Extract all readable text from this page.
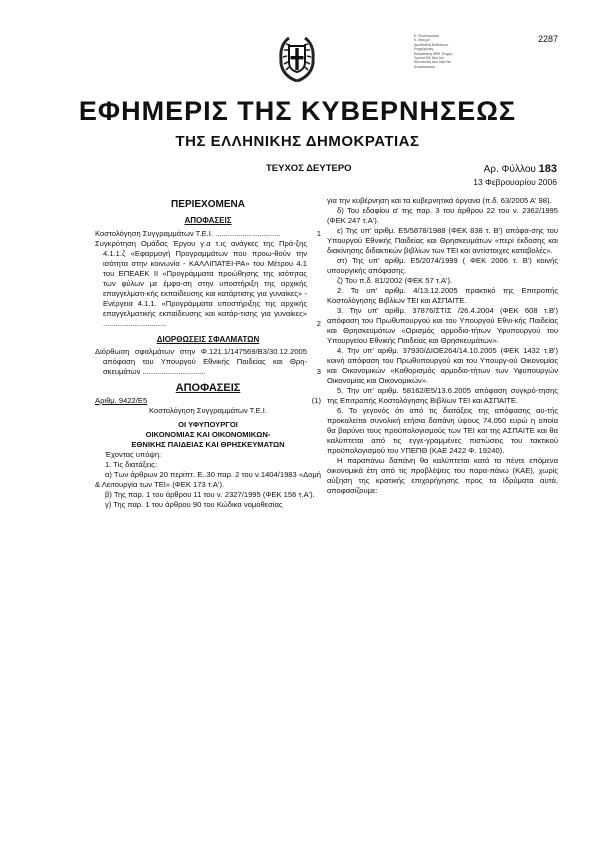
Ε. Φωτόπουλος
Κ. Μουχλι
Διεύθυνση Εκδόσεων
Ενημέρωση-
Κατάσταση ΦΕΚ Τεύχος
Χρόνια ΕΚ Νέο Νο
Εκτύπωση Δυο Νέα Νο
Αποκλειστικό
2287
ΕΦΗΜΕΡΙΣ ΤΗΣ ΚΥΒΕΡΝΗΣΕΩΣ
ΤΗΣ ΕΛΛΗΝΙΚΗΣ ΔΗΜΟΚΡΑΤΙΑΣ
ΤΕΥΧΟΣ ΔΕΥΤΕΡΟ	Αρ. Φύλλου 183
13 Φεβρουαρίου 2006
ΠΕΡΙΕΧΟΜΕΝΑ
ΑΠΟΦΑΣΕΙΣ
Κοστολόγηση Συγγραμμάτων Τ.Ε.Ι. ...............................	1
Συγκρότηση Ομάδας Έργου γ.α τ.ις ανάγκες της Πρά-ξης 4.1.1.ζ «Εφαρμογή Προγραμμάτων που προω-θούν την ισότητα στην κοινωνία - ΚΑΛΛΙΠΑΤΕΙ-ΡΑ» του Μέτρου 4.1 του ΕΠΕΑΕΚ ΙΙ «Προγράμματα προώθησης της ισότητας των φύλων με έμφα-ση στην υποστήριξη της αρχικής επαγγελματι-κής εκπαίδευσης και κατάρτισης για γυναίκες» - Ενέργεια 4.1.1. «Προγράμματα υποστήριξης της αρχικής επαγγελματικής εκπαίδευσης και κατάρ-τισης για γυναίκες» ..............................	2
ΔΙΟΡΘΩΣΕΙΣ ΣΦΑΛΜΑΤΩΝ
Διόρθωση σφαλμάτων στην Φ.121.1/147569/Β3/30.12.2005 απόφαση του Υπουργού Εθνικής Παιδείας και Θρη-σκευμάτων ..............................	3
ΑΠΟΦΑΣΕΙΣ
Αριθμ. 9422/Ε5	(1)
Κοστολόγηση Συγγραμμάτων Τ.Ε.Ι.
ΟΙ ΥΦΥΠΟΥΡΓΟΙ
ΟΙΚΟΝΟΜΙΑΣ ΚΑΙ ΟΙΚΟΝΟΜΙΚΩΝ-
ΕΘΝΙΚΗΣ ΠΑΙΔΕΙΑΣ ΚΑΙ ΘΡΗΣΚΕΥΜΑΤΩΝ

Έχοντας υπόψη:

1. Τις διατάξεις:

α) Των άρθρων 20 περίπτ. Ε..30 παρ. 2 του ν.1404/1983 «Δομή & Λειτουργία των ΤΕΙ» (ΦΕΚ 173 τ.Α').

β) Της παρ. 1 του άρθρου 11 του ν. 2327/1995 (ΦΕΚ 156 τ.Α').

γ) Της παρ. 1 του άρθρου 90 του Κώδικα νομοθεσίας

για την κυβέρνηση και τα κυβερνητικά όργανα (π.δ. 63/2005 Α' 98).

δ) Του εδαφίου α' της παρ. 3 του άρθρου 22 του ν. 2362/1995 (ΦΕΚ 247 τ.Α').

ε) Της υπ' αριθμ. Ε5/5878/1988 (ΦΕΚ 838 τ. Β') απόφα-σης του Υπουργού Εθνικής Παιδείας και Θρησκευμάτων «περί έκδοσης και διακίνησης διδακτικών βιβλίων των ΤΕΙ και αντίστοιχες καταβολές».

στ) Της υπ' αριθμ. Ε5/2074/1999 ( ΦΕΚ 2006 τ. Β') κοινής υπουργικής απόφασης.

ζ) Του π.δ. 81/2002 (ΦΕΚ 57 τ.Α').

2. Το υπ' αριθμ. 4/13.12.2005 πρακτικό της Επιτροπής Κοστολόγησης Βιβλίων ΤΕΙ και ΑΣΠΑΙΤΕ.

3. Την υπ' αριθμ. 37876/ΣΤΙΣ /26.4.2004 (ΦΕΚ 608 τ.Β') απόφαση του Πρωθυπουργού και του Υπουργού Εθνι-κής Παιδείας και Θρησκευμάτων «Ορισμός αρμοδιο-τήτων Υφυπουργού του Υπουργείου Εθνικής Παιδείας και Θρησκευμάτων».

4. Την υπ' αριθμ. 37930/ΔΙΟΕ264/14.10.2005 (ΦΕΚ 1432 τ.Β') κοινή απόφαση του Πρωθυπουργού και του Υπουργ-ού Οικονομίας και Οικονομικών «Καθορισμός αρμοδιο-τήτων των Υφυπουργών Οικονομίας και Οικονομικών».

5. Την υπ' αριθμ. 58162/Ε5/13.6.2005 απόφαση συγκρό-τησης της Επιτροπής Κοστολόγησης Βιβλίων ΤΕΙ και ΑΣΠΑΙΤΕ.

6. Το γεγονός ότι από τις διατάξεις της απόφασης αυ-τής προκαλείται συνολική ετήσια δαπάνη ύψους 74.050 ευρώ η οποία θα βαρύνει τους προϋπολογισμούς των ΤΕΙ και της ΑΣΠΑΙΤΕ και θα καλύπτεται από τις εγγε-γραμμένες πιστώσεις του τακτικού προϋπολογισμού του ΥΠΕΠΘ (ΚΑΕ 2422 Φ. 19240).

Η παραπάνω δαπάνη θα καλύπτεται κατά τα πέντε επόμενα οικονομικά έτη από τις προβλέψεις του παρα-πάνω (ΚΑΕ), χωρίς αύξηση της κρατικής επιχορήγησης προς τα Ιδρύματα αυτά, αποφασίζουμε:
